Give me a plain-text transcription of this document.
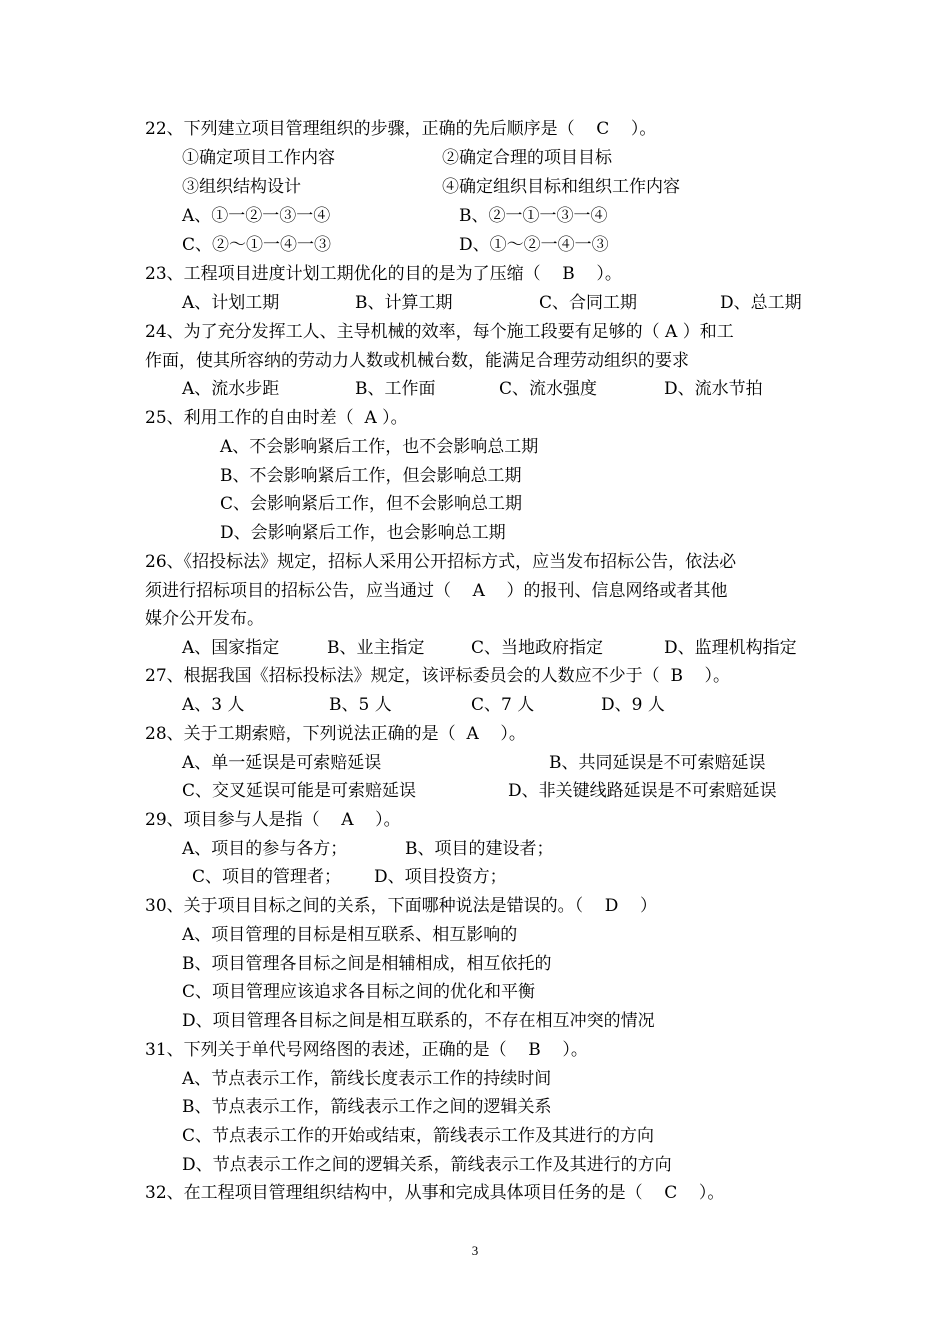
22、下列建立项目管理组织的步骤，正确的先后顺序是（    C    ）。
①确定项目工作内容	②确定合理的项目目标
③组织结构设计	④确定组织目标和组织工作内容
A、①一②一③一④	B、②一①一③一④
C、②～①一④一③	D、①～②一④一③
23、工程项目进度计划工期优化的目的是为了压缩（    B    ）。
A、计划工期	B、计算工期	C、合同工期	D、总工期
24、为了充分发挥工人、主导机械的效率，每个施工段要有足够的（ A ）和工
作面，使其所容纳的劳动力人数或机械台数，能满足合理劳动组织的要求
A、流水步距	B、工作面	C、流水强度	D、流水节拍
25、利用工作的自由时差（  A ）。
A、不会影响紧后工作，也不会影响总工期
B、不会影响紧后工作，但会影响总工期
C、会影响紧后工作，但不会影响总工期
D、会影响紧后工作，也会影响总工期
26、《招投标法》规定，招标人采用公开招标方式，应当发布招标公告，依法必
须进行招标项目的招标公告，应当通过（    A    ）的报刊、信息网络或者其他
媒介公开发布。
A、国家指定	B、业主指定	C、当地政府指定	D、监理机构指定
27、根据我国《招标投标法》规定，该评标委员会的人数应不少于（  B    ）。
A、3 人	B、5 人	C、7 人	D、9 人
28、关于工期索赔，下列说法正确的是（  A    ）。
A、单一延误是可索赔延误	B、共同延误是不可索赔延误
C、交叉延误可能是可索赔延误	D、非关键线路延误是不可索赔延误
29、项目参与人是指（    A    ）。
A、项目的参与各方；	B、项目的建设者；
C、项目的管理者； D、项目投资方；
30、关于项目目标之间的关系，下面哪种说法是错误的。（    D    ）
A、项目管理的目标是相互联系、相互影响的
B、项目管理各目标之间是相辅相成，相互依托的
C、项目管理应该追求各目标之间的优化和平衡
D、项目管理各目标之间是相互联系的，不存在相互冲突的情况
31、下列关于单代号网络图的表述，正确的是（    B    ）。
A、节点表示工作，箭线长度表示工作的持续时间
B、节点表示工作，箭线表示工作之间的逻辑关系
C、节点表示工作的开始或结束，箭线表示工作及其进行的方向
D、节点表示工作之间的逻辑关系，箭线表示工作及其进行的方向
32、在工程项目管理组织结构中，从事和完成具体项目任务的是（    C    ）。
3
